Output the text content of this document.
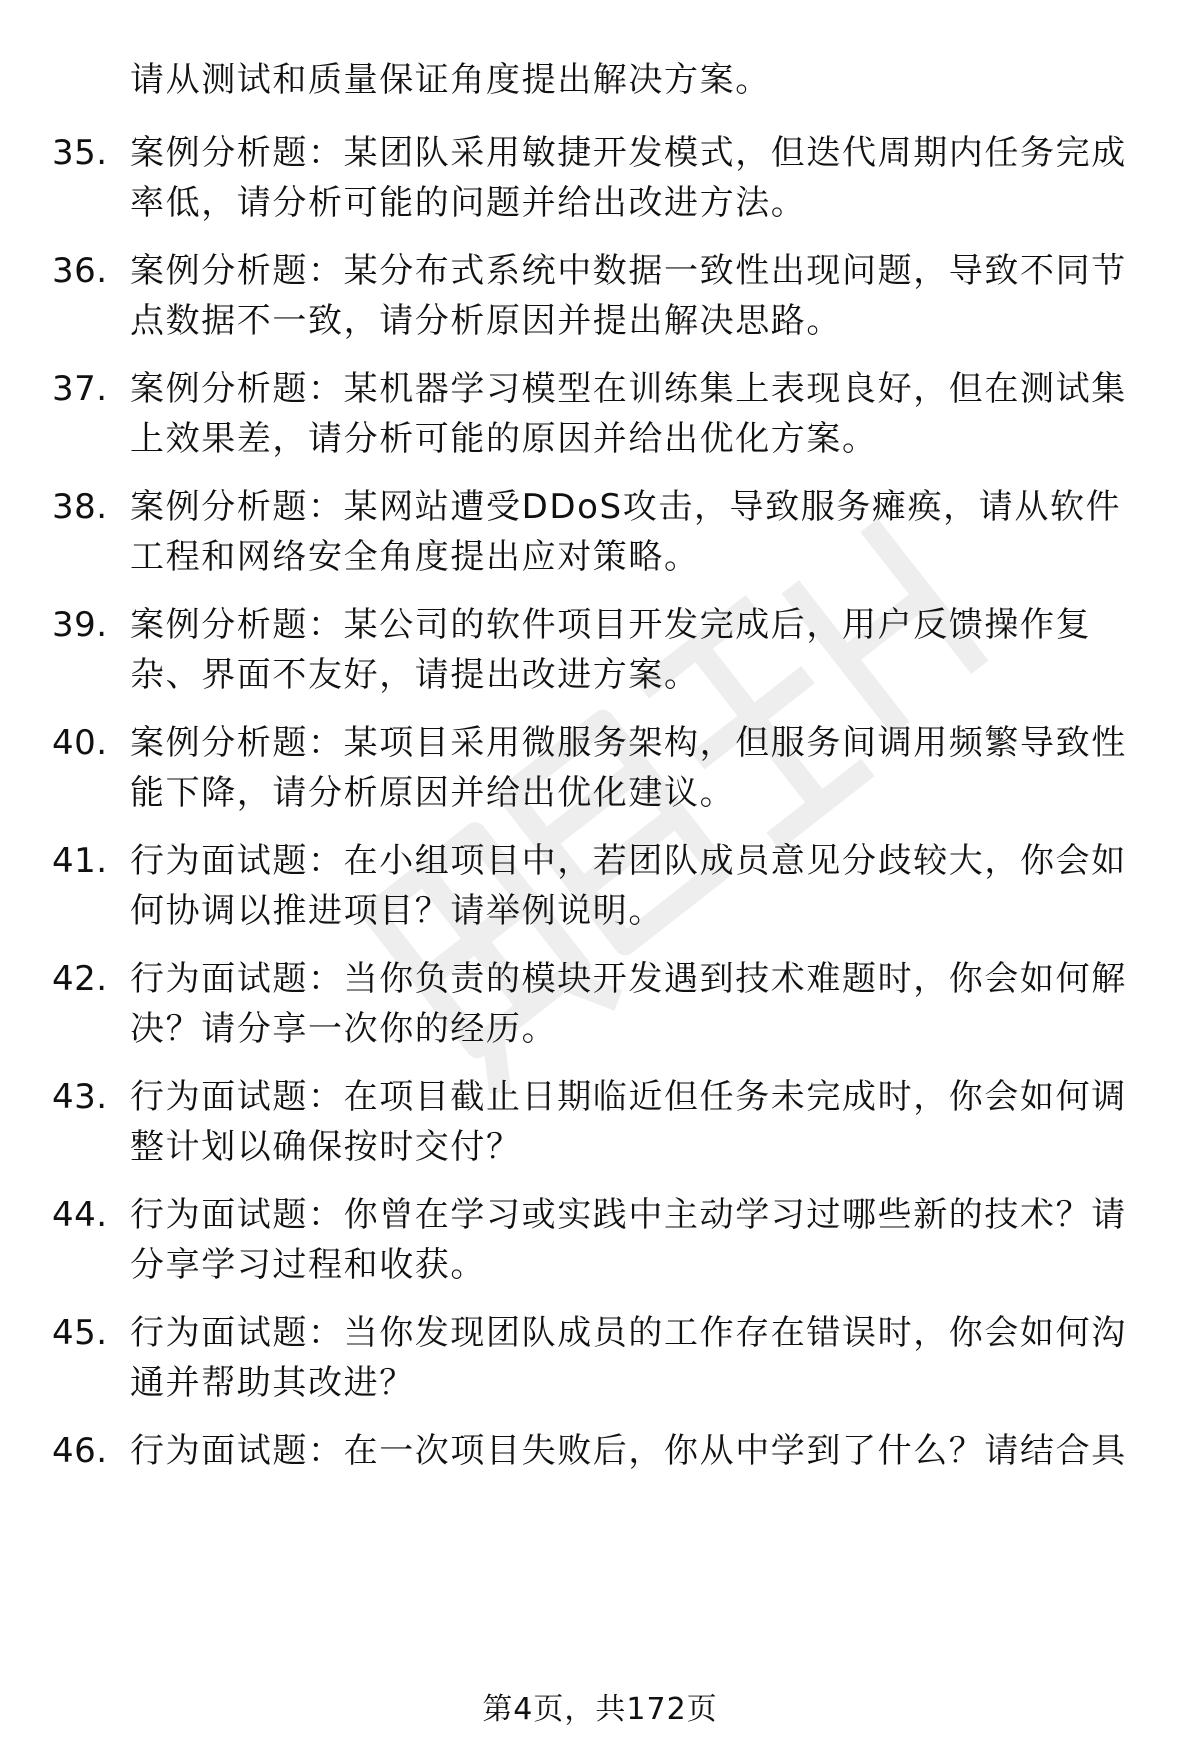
请从测试和质量保证角度提出解决方案。
35. 案例分析题：某团队采用敏捷开发模式，但迭代周期内任务完成率低，请分析可能的问题并给出改进方法。
36. 案例分析题：某分布式系统中数据一致性出现问题，导致不同节点数据不一致，请分析原因并提出解决思路。
37. 案例分析题：某机器学习模型在训练集上表现良好，但在测试集上效果差，请分析可能的原因并给出优化方案。
38. 案例分析题：某网站遭受DDoS攻击，导致服务瘫痪，请从软件工程和网络安全角度提出应对策略。
39. 案例分析题：某公司的软件项目开发完成后，用户反馈操作复杂、界面不友好，请提出改进方案。
40. 案例分析题：某项目采用微服务架构，但服务间调用频繁导致性能下降，请分析原因并给出优化建议。
41. 行为面试题：在小组项目中，若团队成员意见分歧较大，你会如何协调以推进项目？请举例说明。
42. 行为面试题：当你负责的模块开发遇到技术难题时，你会如何解决？请分享一次你的经历。
43. 行为面试题：在项目截止日期临近但任务未完成时，你会如何调整计划以确保按时交付？
44. 行为面试题：你曾在学习或实践中主动学习过哪些新的技术？请分享学习过程和收获。
45. 行为面试题：当你发现团队成员的工作存在错误时，你会如何沟通并帮助其改进？
46. 行为面试题：在一次项目失败后，你从中学到了什么？请结合具
第4页，共172页
